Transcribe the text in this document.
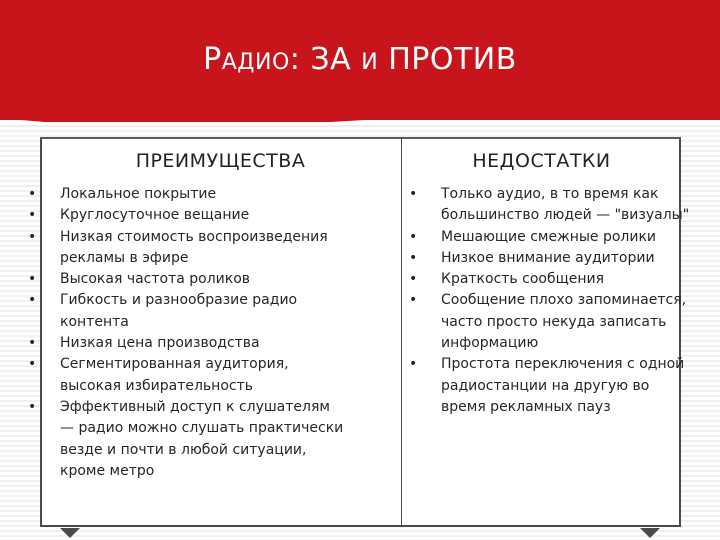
РАДИО: ЗА И ПРОТИВ
ПРЕИМУЩЕСТВА	НЕДОСТАТКИ
• Локальное покрытие
• Круглосуточное вещание
• Низкая стоимость воспроизведения рекламы в эфире
• Высокая частота роликов
• Гибкость и разнообразие радио контента
• Низкая цена производства
• Сегментированная аудитория, высокая избирательность
• Эффективный доступ к слушателям — радио можно слушать практически везде и почти в любой ситуации, кроме метро
• Только аудио, в то время как большинство людей — "визуалы"
• Мешающие смежные ролики
• Низкое внимание аудитории
• Краткость сообщения
• Сообщение плохо запоминается, часто просто некуда записать информацию
• Простота переключения с одной радиостанции на другую во время рекламных пауз
